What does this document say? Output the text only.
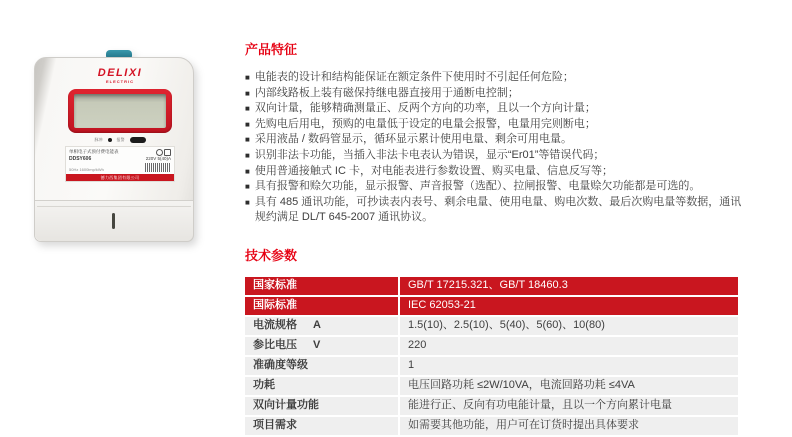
DELIXI
ELECTRIC
脉冲	报警
单相电子式预付费电能表
DDSY606	220V 5(40)A
50Hz 1600imp/kWh
德力西集团有限公司
产品特征
■ 电能表的设计和结构能保证在额定条件下使用时不引起任何危险；
■ 内部线路板上装有磁保持继电器直接用于通断电控制；
■ 双向计量，能够精确测量正、反两个方向的功率，且以一个方向计量；
■ 先购电后用电，预购的电量低于设定的电量会报警，电量用完则断电；
■ 采用液晶 / 数码管显示，循环显示累计使用电量、剩余可用电量。
■ 识别非法卡功能，当插入非法卡电表认为错误，显示“Er01”等错误代码；
■ 使用普通接触式 IC 卡，对电能表进行参数设置、购买电量、信息反写等；
■ 具有报警和赊欠功能，显示报警、声音报警（选配）、拉闸报警、电量赊欠功能都是可选的。
■ 具有 485 通讯功能，可抄读表内表号、剩余电量、使用电量、购电次数、最后次购电量等数据，通讯规约满足 DL/T 645-2007 通讯协议。
技术参数
国家标准	GB/T 17215.321、GB/T 18460.3
国际标准	IEC 62053-21
电流规格 A	1.5(10)、2.5(10)、5(40)、5(60)、10(80)
参比电压 V	220
准确度等级	1
功耗	电压回路功耗 ≤2W/10VA，电流回路功耗 ≤4VA
双向计量功能	能进行正、反向有功电能计量，且以一个方向累计电量
项目需求	如需要其他功能，用户可在订货时提出具体要求
